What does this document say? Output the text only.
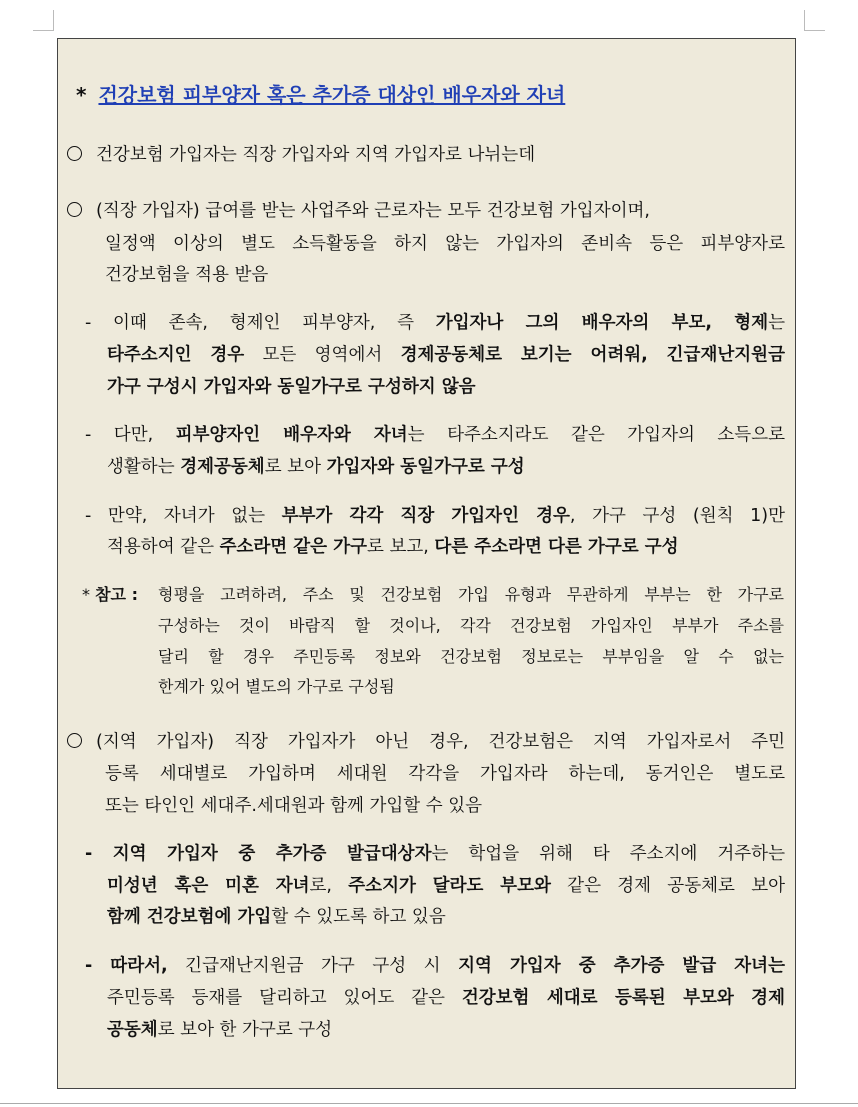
* 건강보험 피부양자 혹은 추가증 대상인 배우자와 자녀
건강보험 가입자는 직장 가입자와 지역 가입자로 나뉘는데
(직장 가입자) 급여를 받는 사업주와 근로자는 모두 건강보험 가입자이며,
일정액 이상의 별도 소득활동을 하지 않는 가입자의 존비속 등은 피부양자로
건강보험을 적용 받음
- 이때 존속, 형제인 피부양자, 즉 가입자나 그의 배우자의 부모, 형제는
타주소지인 경우 모든 영역에서 경제공동체로 보기는 어려워, 긴급재난지원금
가구 구성시 가입자와 동일가구로 구성하지 않음
- 다만, 피부양자인 배우자와 자녀는 타주소지라도 같은 가입자의 소득으로
생활하는 경제공동체로 보아 가입자와 동일가구로 구성
- 만약, 자녀가 없는 부부가 각각 직장 가입자인 경우, 가구 구성 (원칙 1)만
적용하여 같은 주소라면 같은 가구로 보고, 다른 주소라면 다른 가구로 구성
* 참고 : 형평을 고려하려, 주소 및 건강보험 가입 유형과 무관하게 부부는 한 가구로
구성하는 것이 바람직 할 것이나, 각각 건강보험 가입자인 부부가 주소를
달리 할 경우 주민등록 정보와 건강보험 정보로는 부부임을 알 수 없는
한계가 있어 별도의 가구로 구성됨
(지역 가입자) 직장 가입자가 아닌 경우, 건강보험은 지역 가입자로서 주민
등록 세대별로 가입하며 세대원 각각을 가입자라 하는데, 동거인은 별도로
또는 타인인 세대주.세대원과 함께 가입할 수 있음
- 지역 가입자 중 추가증 발급대상자는 학업을 위해 타 주소지에 거주하는
미성년 혹은 미혼 자녀로, 주소지가 달라도 부모와 같은 경제 공동체로 보아
함께 건강보험에 가입할 수 있도록 하고 있음
- 따라서, 긴급재난지원금 가구 구성 시 지역 가입자 중 추가증 발급 자녀는
주민등록 등재를 달리하고 있어도 같은 건강보험 세대로 등록된 부모와 경제
공동체로 보아 한 가구로 구성
